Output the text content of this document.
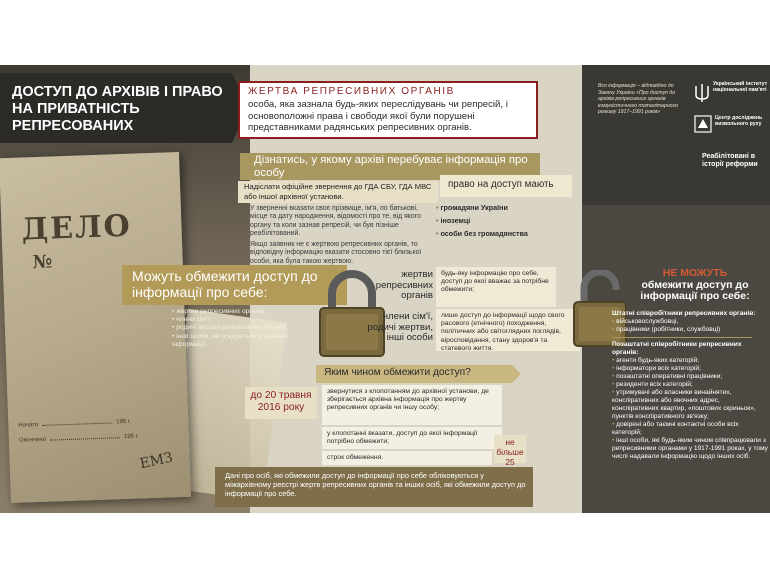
ДЕЛО
№
Начато	195 г.
Окончено	195 г.
ЕМЗ
ДОСТУП ДО АРХІВІВ І ПРАВО НА ПРИВАТНІСТЬ РЕПРЕСОВАНИХ
ЖЕРТВА РЕПРЕСИВНИХ ОРГАНІВ
особа, яка зазнала будь-яких переслідувань чи репресій, і основоположні права і свободи якої були порушені представниками радянських репресивних органів.
Дізнатись, у якому архіві перебуває інформація про особу
Надіслати офіційне звернення до ГДА СБУ, ГДА МВС або іншої архівної установи.

У зверненні вказати своє прізвище, ім'я, по батькові, місце та дату народження, відомості про те, від якого органу та коли зазнав репресій, чи був пізніше реабілітований.

Якщо заявник не є жертвою репресивних органів, то відповідну інформацію вказати стосовно тієї близької особи, яка була такою жертвою.

право на доступ мають
• громадяни України
• іноземці
• особи без громадянства
Можуть обмежити доступ до інформації про себе:
• жертви репресивних органів;
• члени сім'ї;
• родичі жертви репресивних органів;
• інші особи, які згадуються у архівній інформації.
жертви репресивних органів
будь-яку інформацію про себе, доступ до якої вважає за потрібне обмежити;
члени сім'ї, родичі жертви, інші особи
лише доступ до інформації щодо свого расового (етнічного) походження, політичних або світоглядних поглядів, віросповідання, стану здоров'я та статевого життя.
Яким чином обмежити доступ?
до 20 травня 2016 року
звернутися з клопотанням до архівної установи, де зберігається архівна інформація про жертву репресивних органів чи іншу особу;
у клопотанні вказати, доступ до якої інформації потрібно обмежити;
строк обмеження.
не більше 25
Дані про осіб, які обмежили доступ до інформації про себе обліковуються у міжархівному реєстрі жертв репресивних органів та інших осіб, які обмежили доступ до інформації про себе.
Вся інформація – відповідно до Закону України «Про доступ до архівів репресивних органів комуністичного тоталітарного режиму 1917–1991 років»
Український інститут національної пам'яті
Центр досліджень визвольного руху
Реабілітовані в історії реформи
НЕ МОЖУТЬ
обмежити доступ до інформації про себе:
Штатні співробітники репресивних органів:
• військовослужбовці,
• працівники (робітники, службовці)
Позаштатні співробітники репресивних органів:
• агенти будь-яких категорій;
• інформатори всіх категорій;
• позаштатні оперативні працівники;
• резиденти всіх категорій;
• утримувачі або власники винайнятих, конспіративних або явочних адрес, конспіративних квартир, «поштових скриньок», пунктів конспіративного зв'язку;
• довірені або таємні контактні особи всіх категорій;
• інші особи, які будь-яким чином співпрацювали з репресивними органами у 1917-1991 роках, у тому числі надавали інформацію щодо інших осіб.
